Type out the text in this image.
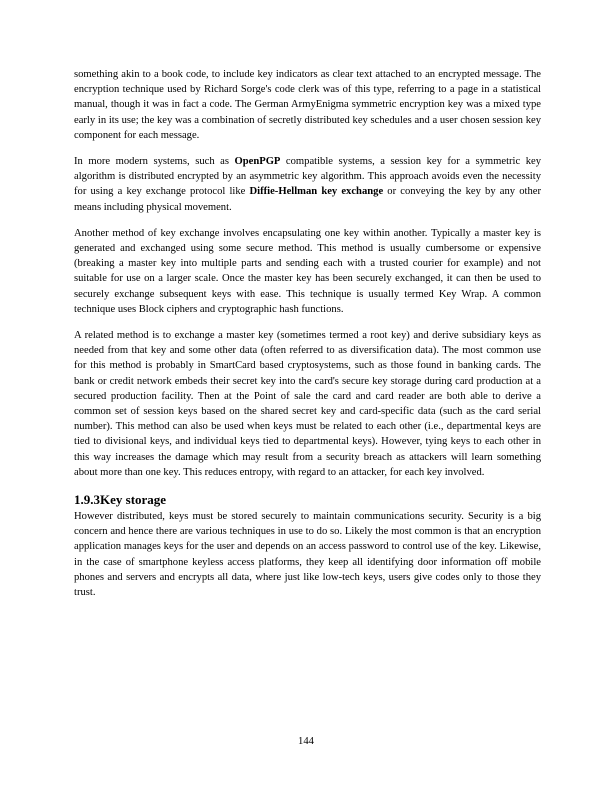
something akin to a book code, to include key indicators as clear text attached to an encrypted message. The encryption technique used by Richard Sorge's code clerk was of this type, referring to a page in a statistical manual, though it was in fact a code. The German ArmyEnigma symmetric encryption key was a mixed type early in its use; the key was a combination of secretly distributed key schedules and a user chosen session key component for each message.

In more modern systems, such as OpenPGP compatible systems, a session key for a symmetric key algorithm is distributed encrypted by an asymmetric key algorithm. This approach avoids even the necessity for using a key exchange protocol like Diffie-Hellman key exchange or conveying the key by any other means including physical movement.

Another method of key exchange involves encapsulating one key within another. Typically a master key is generated and exchanged using some secure method. This method is usually cumbersome or expensive (breaking a master key into multiple parts and sending each with a trusted courier for example) and not suitable for use on a larger scale. Once the master key has been securely exchanged, it can then be used to securely exchange subsequent keys with ease. This technique is usually termed Key Wrap. A common technique uses Block ciphers and cryptographic hash functions.

A related method is to exchange a master key (sometimes termed a root key) and derive subsidiary keys as needed from that key and some other data (often referred to as diversification data). The most common use for this method is probably in SmartCard based cryptosystems, such as those found in banking cards. The bank or credit network embeds their secret key into the card's secure key storage during card production at a secured production facility. Then at the Point of sale the card and card reader are both able to derive a common set of session keys based on the shared secret key and card-specific data (such as the card serial number). This method can also be used when keys must be related to each other (i.e., departmental keys are tied to divisional keys, and individual keys tied to departmental keys). However, tying keys to each other in this way increases the damage which may result from a security breach as attackers will learn something about more than one key. This reduces entropy, with regard to an attacker, for each key involved.

1.9.3Key storage

However distributed, keys must be stored securely to maintain communications security. Security is a big concern and hence there are various techniques in use to do so. Likely the most common is that an encryption application manages keys for the user and depends on an access password to control use of the key. Likewise, in the case of smartphone keyless access platforms, they keep all identifying door information off mobile phones and servers and encrypts all data, where just like low-tech keys, users give codes only to those they trust.

144
